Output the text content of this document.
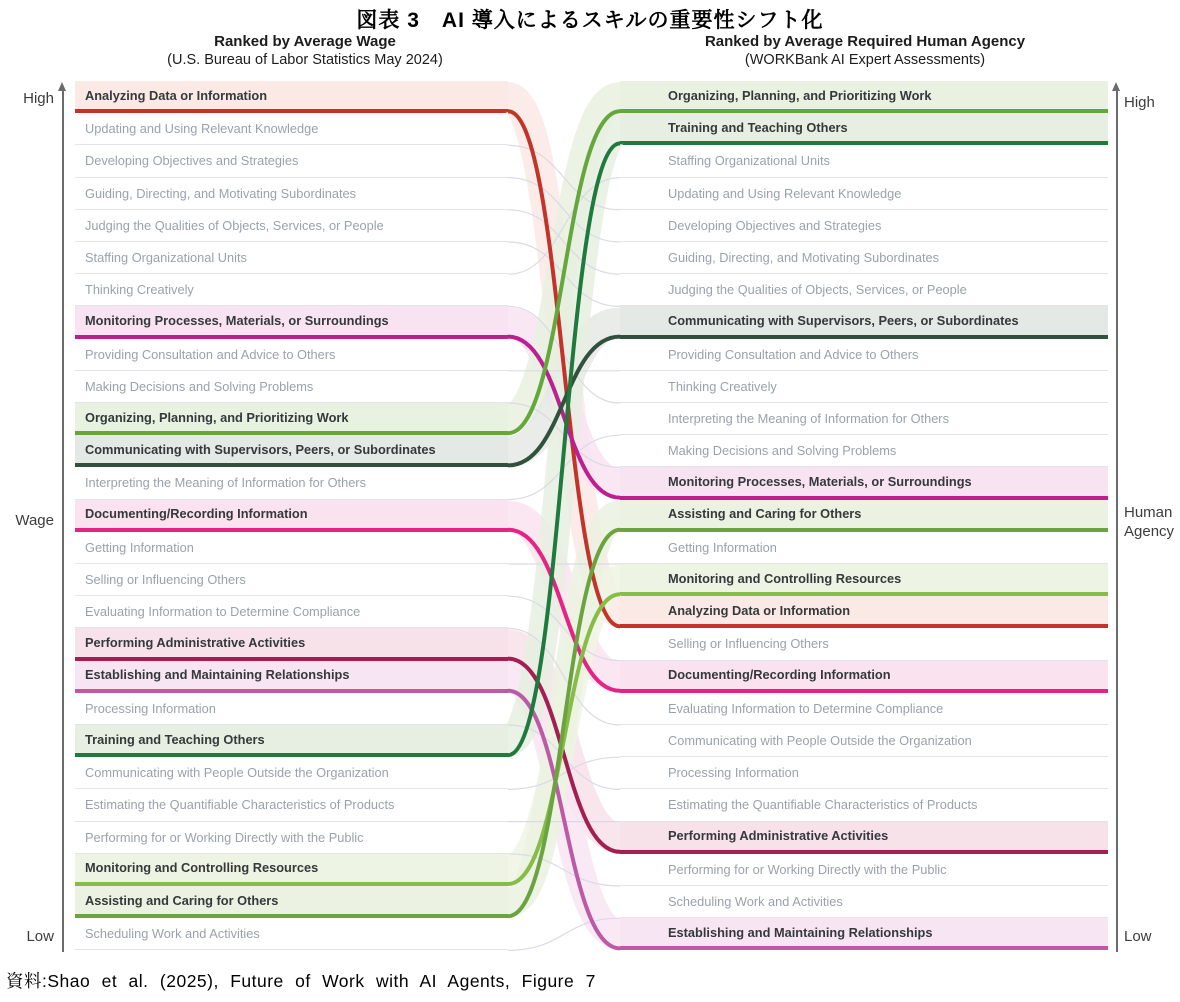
図表 3　AI 導入によるスキルの重要性シフト化
Ranked by Average Wage
(U.S. Bureau of Labor Statistics May 2024)
Ranked by Average Required Human Agency
(WORKBank AI Expert Assessments)
High
Wage
Low
High
Human Agency
Low
Analyzing Data or Information
Updating and Using Relevant Knowledge
Developing Objectives and Strategies
Guiding, Directing, and Motivating Subordinates
Judging the Qualities of Objects, Services, or People
Staffing Organizational Units
Thinking Creatively
Monitoring Processes, Materials, or Surroundings
Providing Consultation and Advice to Others
Making Decisions and Solving Problems
Organizing, Planning, and Prioritizing Work
Communicating with Supervisors, Peers, or Subordinates
Interpreting the Meaning of Information for Others
Documenting/Recording Information
Getting Information
Selling or Influencing Others
Evaluating Information to Determine Compliance
Performing Administrative Activities
Establishing and Maintaining Relationships
Processing Information
Training and Teaching Others
Communicating with People Outside the Organization
Estimating the Quantifiable Characteristics of Products
Performing for or Working Directly with the Public
Monitoring and Controlling Resources
Assisting and Caring for Others
Scheduling Work and Activities
Organizing, Planning, and Prioritizing Work
Training and Teaching Others
Staffing Organizational Units
Updating and Using Relevant Knowledge
Developing Objectives and Strategies
Guiding, Directing, and Motivating Subordinates
Judging the Qualities of Objects, Services, or People
Communicating with Supervisors, Peers, or Subordinates
Providing Consultation and Advice to Others
Thinking Creatively
Interpreting the Meaning of Information for Others
Making Decisions and Solving Problems
Monitoring Processes, Materials, or Surroundings
Assisting and Caring for Others
Getting Information
Monitoring and Controlling Resources
Analyzing Data or Information
Selling or Influencing Others
Documenting/Recording Information
Evaluating Information to Determine Compliance
Communicating with People Outside the Organization
Processing Information
Estimating the Quantifiable Characteristics of Products
Performing Administrative Activities
Performing for or Working Directly with the Public
Scheduling Work and Activities
Establishing and Maintaining Relationships
資料:Shao et al. (2025), Future of Work with AI Agents, Figure 7
